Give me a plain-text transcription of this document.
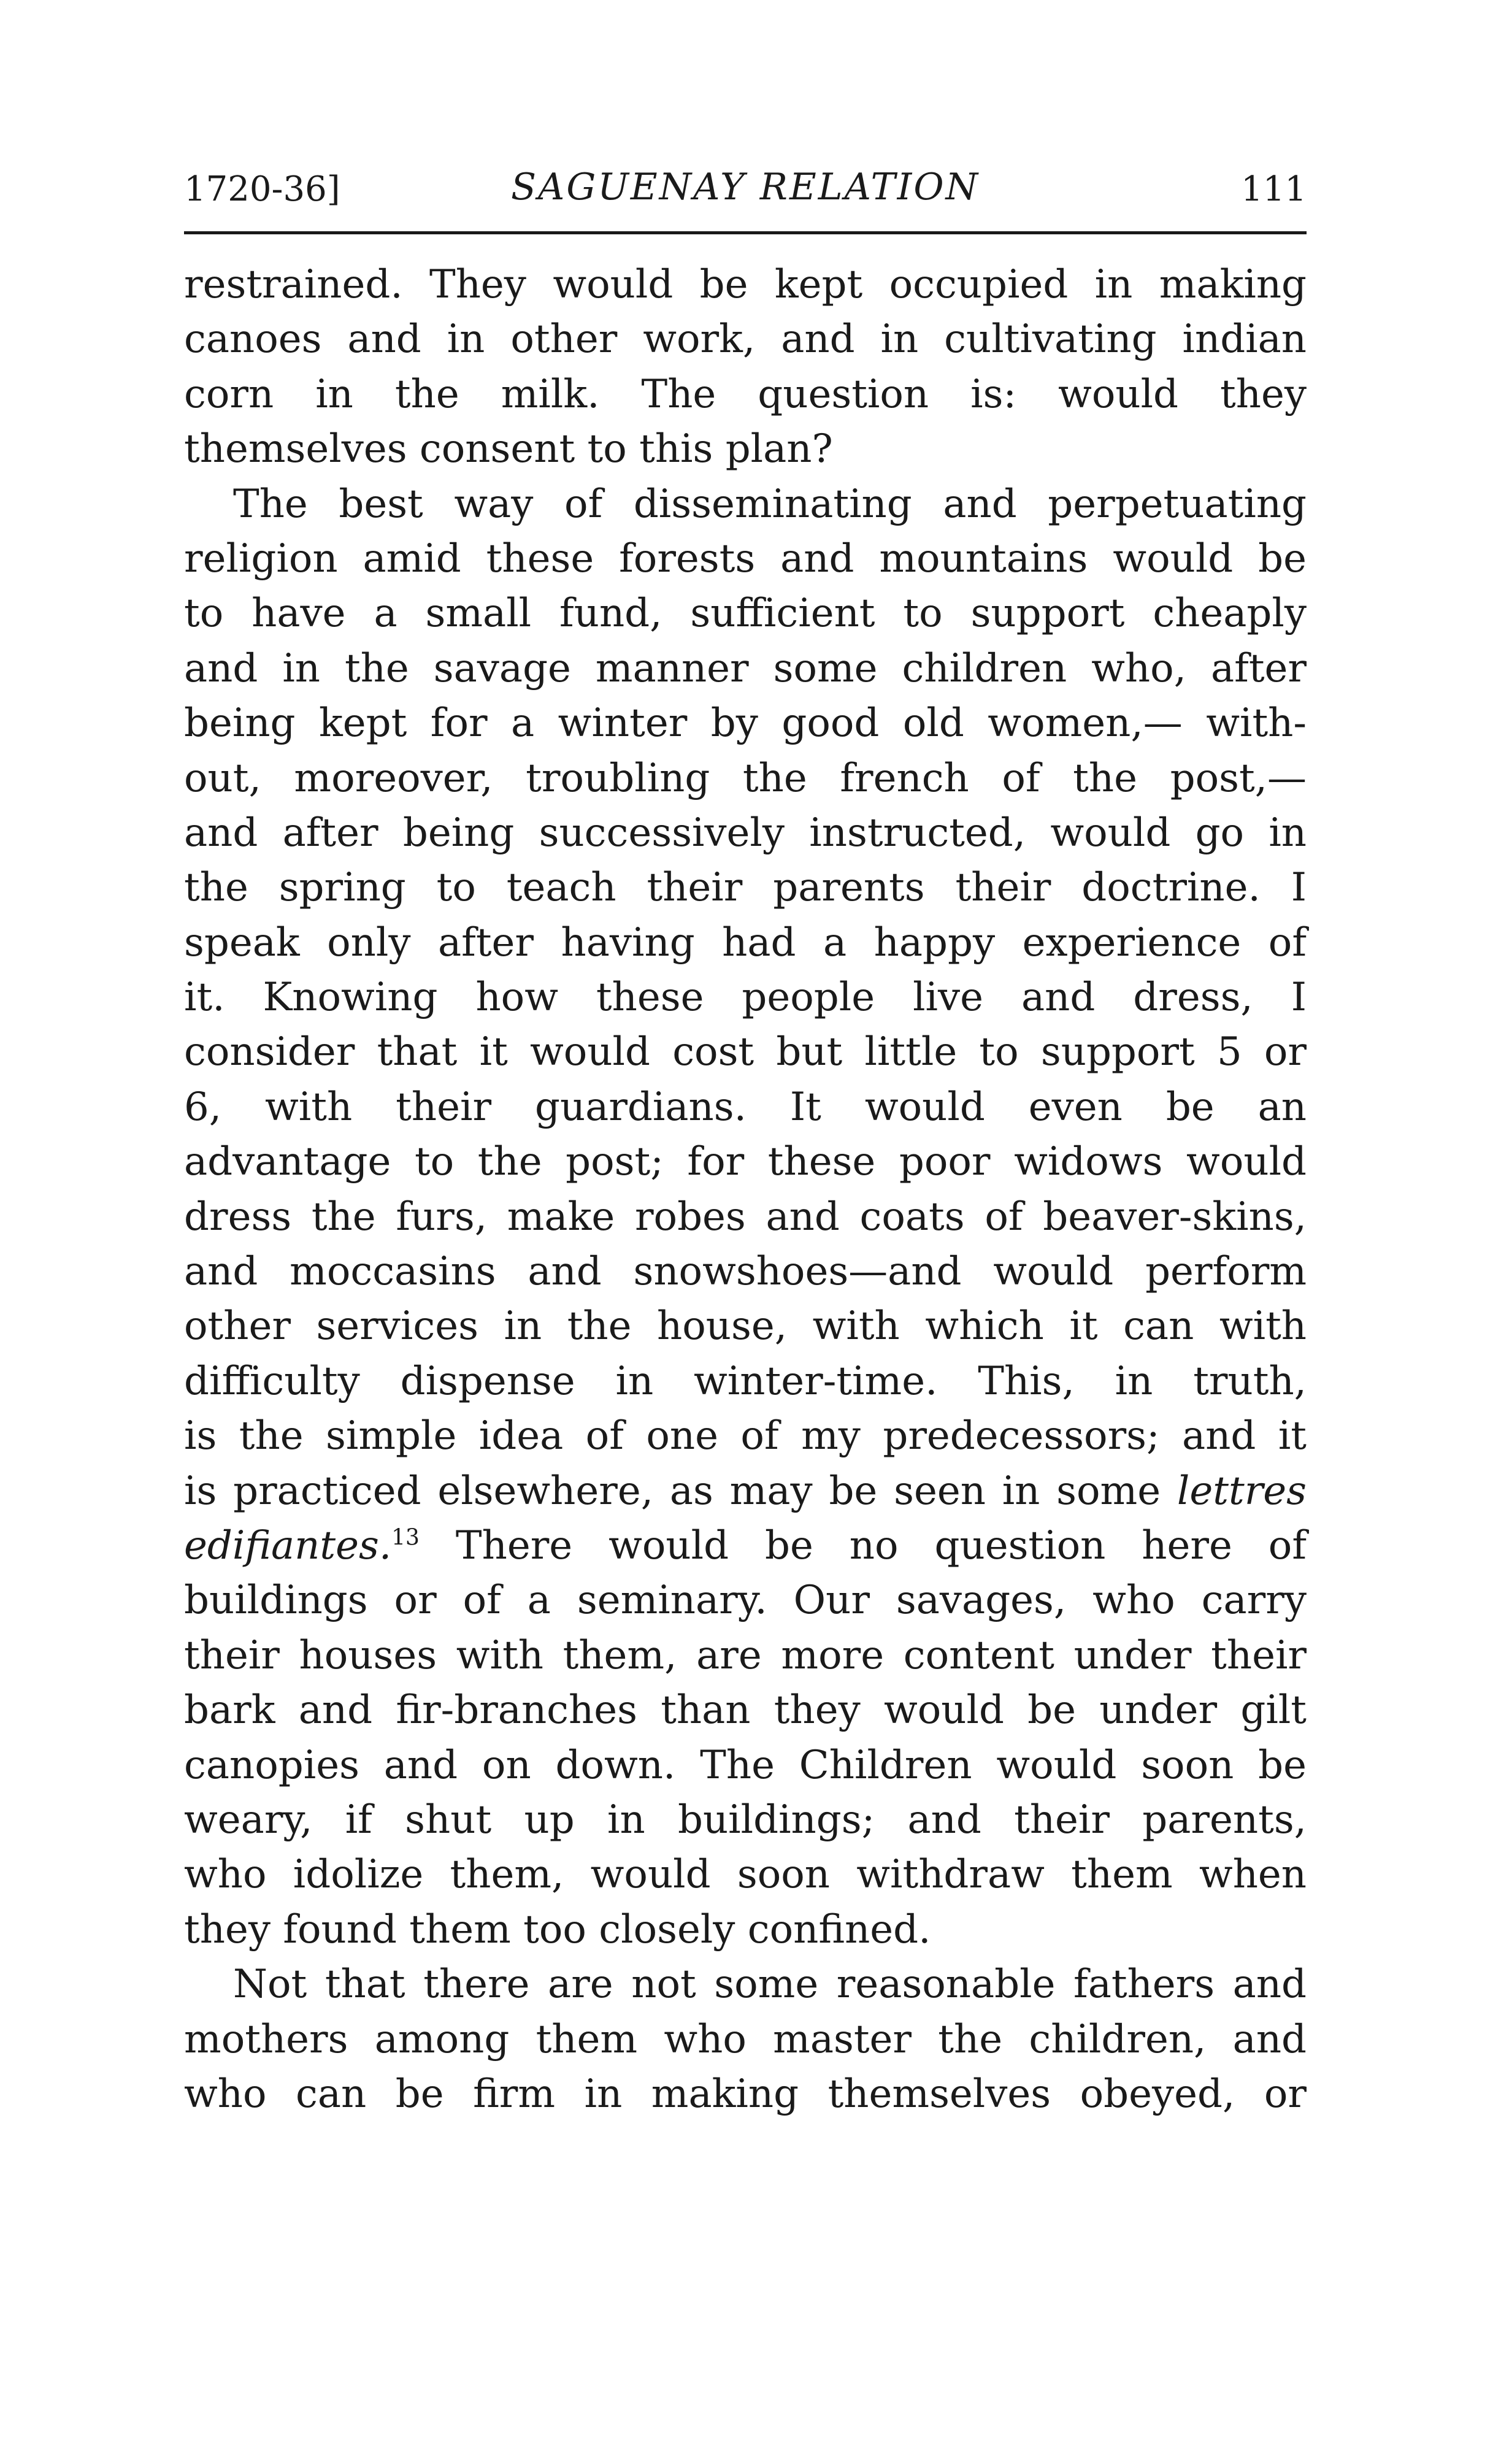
1720-36]	SAGUENAY RELATION	111
restrained. They would be kept occupied in making
canoes and in other work, and in cultivating indian
corn in the milk. The question is: would they
themselves consent to this plan?
The best way of disseminating and perpetuating
religion amid these forests and mountains would be
to have a small fund, sufficient to support cheaply
and in the savage manner some children who, after
being kept for a winter by good old women,— with-
out, moreover, troubling the french of the post,—
and after being successively instructed, would go in
the spring to teach their parents their doctrine. I
speak only after having had a happy experience of
it. Knowing how these people live and dress, I
consider that it would cost but little to support 5 or
6, with their guardians. It would even be an
advantage to the post; for these poor widows would
dress the furs, make robes and coats of beaver-skins,
and moccasins and snowshoes—and would perform
other services in the house, with which it can with
difficulty dispense in winter-time. This, in truth,
is the simple idea of one of my predecessors; and it
is practiced elsewhere, as may be seen in some lettres
edifiantes.$^{13}$ There would be no question here of
buildings or of a seminary. Our savages, who carry
their houses with them, are more content under their
bark and fir-branches than they would be under gilt
canopies and on down. The Children would soon be
weary, if shut up in buildings; and their parents,
who idolize them, would soon withdraw them when
they found them too closely confined.
Not that there are not some reasonable fathers and
mothers among them who master the children, and
who can be firm in making themselves obeyed, or
